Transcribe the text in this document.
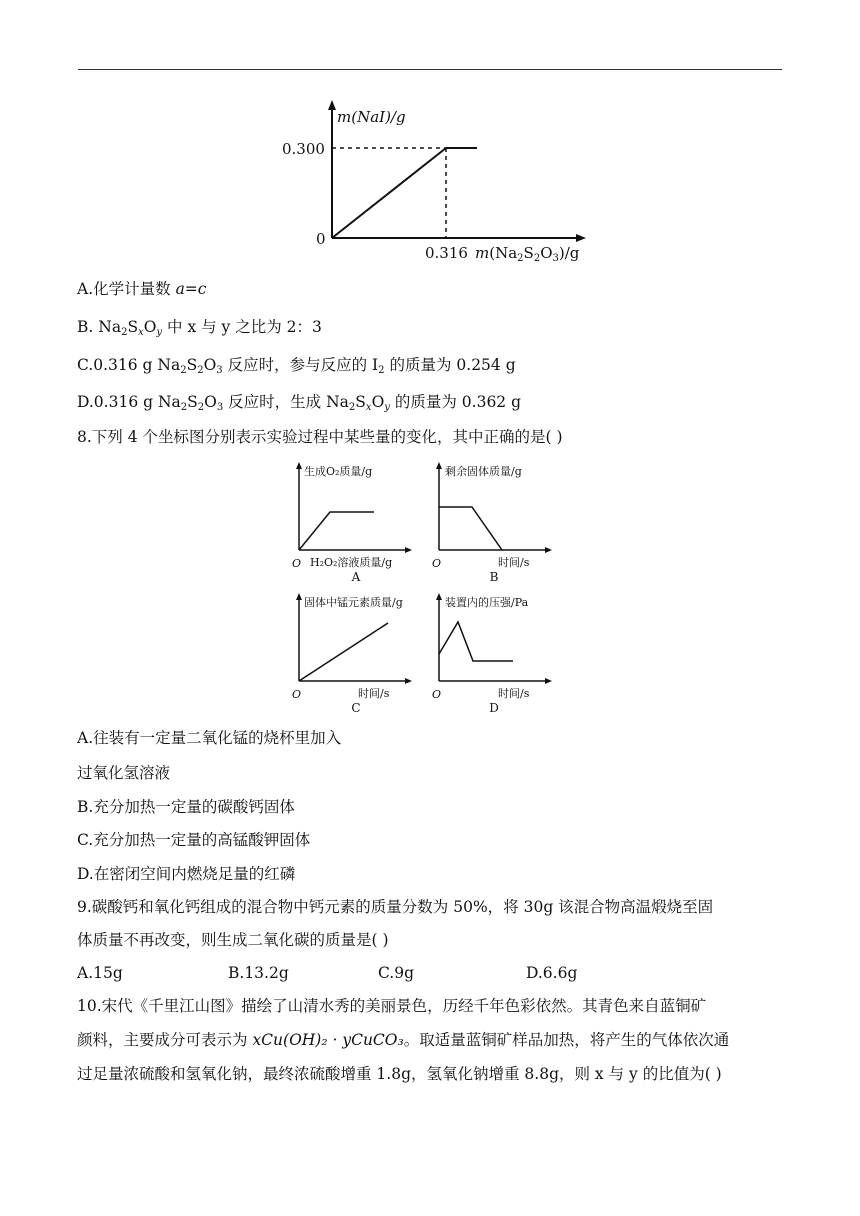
m(NaI)/g
0.300
0
0.316 $m(Na_2S_2O_3)/g$
A.化学计量数 a=c
B. $Na_2S_xO_y$ 中 x 与 y 之比为 2：3
C.0.316 g $Na_2S_2O_3$ 反应时，参与反应的 $I_2$ 的质量为 0.254 g
D.0.316 g $Na_2S_2O_3$ 反应时，生成 $Na_2S_xO_y$ 的质量为 0.362 g
8.下列 4 个坐标图分别表示实验过程中某些量的变化，其中正确的是( )
生成O₂质量/g
O H₂O₂溶液质量/g
A
剩余固体质量/g
O	时间/s
B
固体中锰元素质量/g
O	时间/s
C
装置内的压强/Pa
O	时间/s
D
A.往装有一定量二氧化锰的烧杯里加入
过氧化氢溶液
B.充分加热一定量的碳酸钙固体
C.充分加热一定量的高锰酸钾固体
D.在密闭空间内燃烧足量的红磷
9.碳酸钙和氧化钙组成的混合物中钙元素的质量分数为 50%，将 30g 该混合物高温煅烧至固
体质量不再改变，则生成二氧化碳的质量是( )
A.15g	B.13.2g	C.9g	D.6.6g
10.宋代《千里江山图》描绘了山清水秀的美丽景色，历经千年色彩依然。其青色来自蓝铜矿
颜料，主要成分可表示为 xCu(OH)₂ · yCuCO₃。取适量蓝铜矿样品加热，将产生的气体依次通
过足量浓硫酸和氢氧化钠，最终浓硫酸增重 1.8g，氢氧化钠增重 8.8g，则 x 与 y 的比值为( )
